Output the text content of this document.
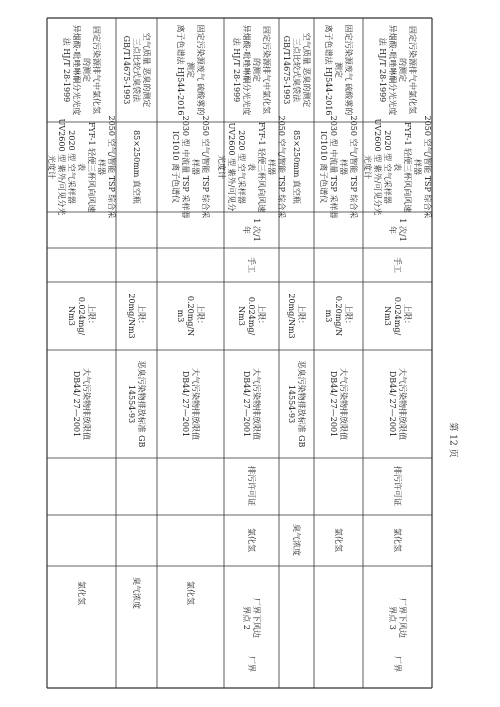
氯化氢
大气污染物排放限值
DB44/ 27—2001
上限：
0.024mg/
Nm3
2050 空气/智能 TSP 综合采
样器
FYF-1 轻便三杯风向风速
表
2020 型 空气采样器
UV2600 型 紫外/可见分光
光度计
固定污染源排气中氯化氢
的测定
异烟酸-吡唑啉酮分光光度
法 HJ/T 28-1999
臭气浓度
恶臭污染物排放标准 GB
14554-93
上限：
20mg/Nm3
85×250mm 真空瓶
空气质量 恶臭的测定
三点比较式臭袋法
GB/T14675-1993
氯化氢
大气污染物排放限值
DB44/ 27—2001
上限：
0.20mg/N
m3
2050 空气/智能 TSP 综合采
样器
2030 型 中流量 TSP 采样器
IC1010 离子色谱仪
固定污染源废气 硫酸雾的
测定
离子色谱法 HJ544-2016
厂界
厂界下风边
界点 2
氯化氢
排污许可证
大气污染物排放限值
DB44/ 27—2001
上限：
0.024mg/
Nm3
手工
1 次/1
年
2050 空气/智能 TSP 综合采
样器
FYF-1 轻便三杯风向风速
表
2020 型 空气采样器
UV2600 型 紫外/可见分
光度计
固定污染源排气中氯化氢
的测定
异烟酸-吡唑啉酮分光光度
法 HJ/T 28-1999
臭气浓度
恶臭污染物排放标准 GB
14554-93
上限：
20mg/Nm3
85×250mm 真空瓶
空气质量 恶臭的测定
三点比较式臭袋法
GB/T14675-1993
氯化氢
大气污染物排放限值
DB44/ 27—2001
上限：
0.20mg/N
m3
2050 空气/智能 TSP 综合采
样器
2030 型 中流量 TSP 采样器
IC1010 离子色谱仪
固定污染源废气 硫酸雾的
测定
离子色谱法 HJ544-2016
厂界
厂界下风边
界点 3
氯化氢
排污许可证
大气污染物排放限值
DB44/ 27—2001
上限：
0.024mg/
Nm3
手工
1 次/1
年
2050 空气/智能 TSP 综合采
样器
FYF-1 轻便三杯风向风速
表
2020 型 空气采样器
UV2600 型 紫外/可见分光
光度计
固定污染源排气中氯化氢
的测定
异烟酸-吡唑啉酮分光光度
法 HJ/T 28-1999
第 12 页
